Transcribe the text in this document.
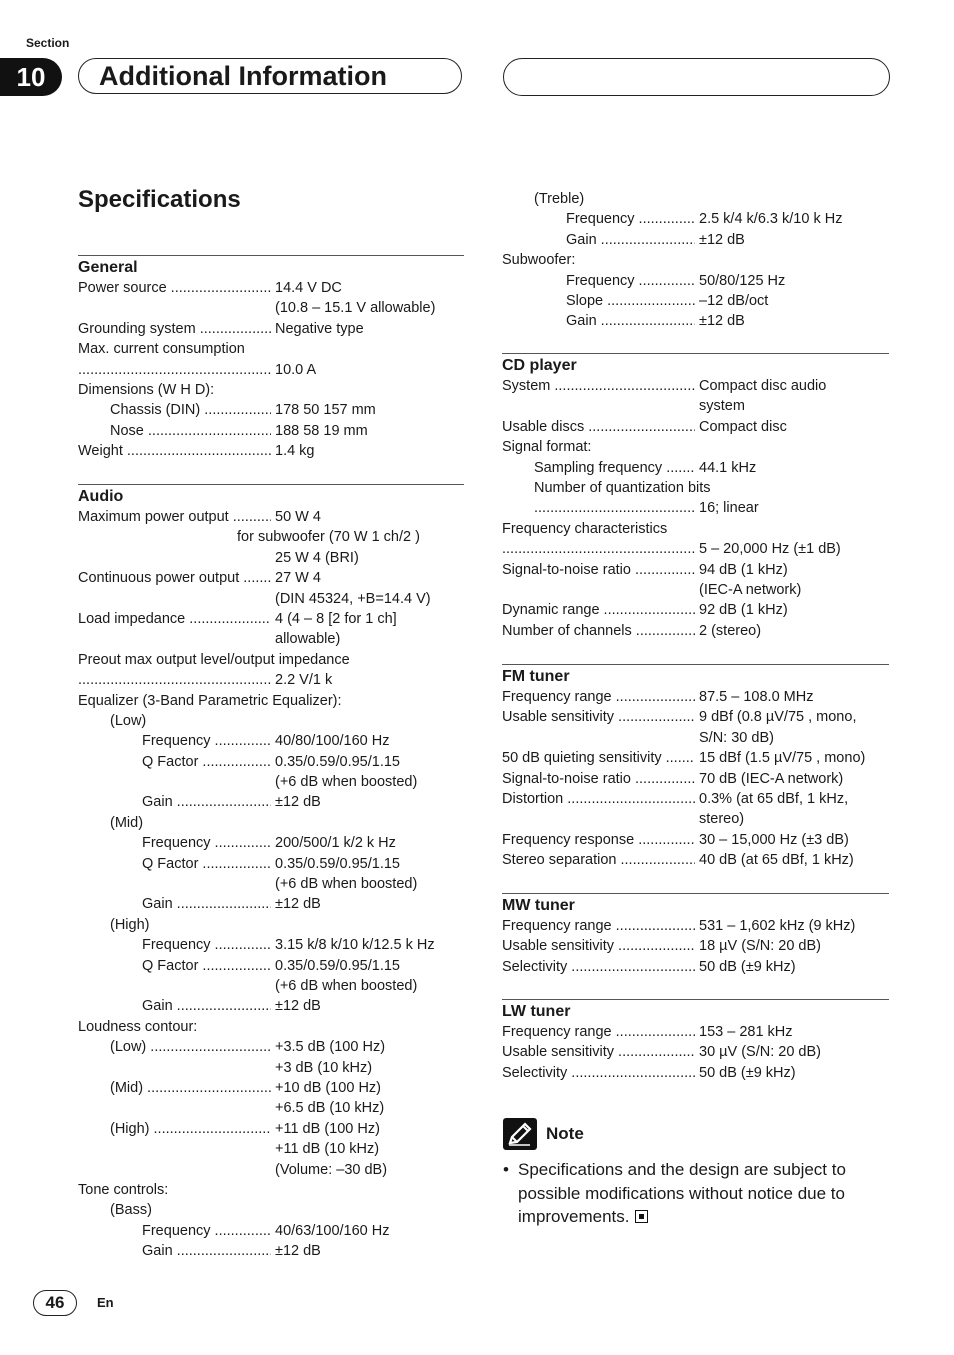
Section
10	Additional Information
Specifications
General
Power source .....	14.4 V DC
(10.8 – 15.1 V allowable)
Grounding system .....	Negative type
Max. current consumption
.....
10.0 A
Dimensions (W H D):
Chassis (DIN) .....	178 50 157 mm
Nose .....	188 58 19 mm
Weight .....	1.4 kg
Audio
Maximum power output .....	50 W 4
for subwoofer (70 W 1 ch/2 )
25 W 4 (BRI)
Continuous power output .....	27 W 4
(DIN 45324, +B=14.4 V)
Load impedance .....	4 (4 – 8 [2 for 1 ch]
allowable)
Preout max output level/output impedance
.....
2.2 V/1 k
Equalizer (3-Band Parametric Equalizer):
(Low)
Frequency .....	40/80/100/160 Hz
Q Factor .....	0.35/0.59/0.95/1.15
(+6 dB when boosted)
Gain .....	±12 dB
(Mid)
Frequency .....	200/500/1 k/2 k Hz
Q Factor .....	0.35/0.59/0.95/1.15
(+6 dB when boosted)
Gain .....	±12 dB
(High)
Frequency .....	3.15 k/8 k/10 k/12.5 k Hz
Q Factor .....	0.35/0.59/0.95/1.15
(+6 dB when boosted)
Gain .....	±12 dB
Loudness contour:
(Low) .....	+3.5 dB (100 Hz)
+3 dB (10 kHz)
(Mid) .....	+10 dB (100 Hz)
+6.5 dB (10 kHz)
(High) .....	+11 dB (100 Hz)
+11 dB (10 kHz)
(Volume: –30 dB)
Tone controls:
(Bass)
Frequency .....	40/63/100/160 Hz
Gain .....	±12 dB
(Treble)
Frequency .....	2.5 k/4 k/6.3 k/10 k Hz
Gain .....	±12 dB
Subwoofer:
Frequency .....	50/80/125 Hz
Slope .....	–12 dB/oct
Gain .....	±12 dB
CD player
System .....	Compact disc audio
system
Usable discs .....	Compact disc
Signal format:
Sampling frequency .....	44.1 kHz
Number of quantization bits
.....
16; linear
Frequency characteristics
.....
5 – 20,000 Hz (±1 dB)
Signal-to-noise ratio .....	94 dB (1 kHz)
(IEC-A network)
Dynamic range .....	92 dB (1 kHz)
Number of channels .....	2 (stereo)
FM tuner
Frequency range .....	87.5 – 108.0 MHz
Usable sensitivity .....	9 dBf (0.8 µV/75 , mono,
S/N: 30 dB)
50 dB quieting sensitivity .....	15 dBf (1.5 µV/75 , mono)
Signal-to-noise ratio .....	70 dB (IEC-A network)
Distortion .....	0.3% (at 65 dBf, 1 kHz,
stereo)
Frequency response .....	30 – 15,000 Hz (±3 dB)
Stereo separation .....	40 dB (at 65 dBf, 1 kHz)
MW tuner
Frequency range .....	531 – 1,602 kHz (9 kHz)
Usable sensitivity .....	18 µV (S/N: 20 dB)
Selectivity .....	50 dB (±9 kHz)
LW tuner
Frequency range .....	153 – 281 kHz
Usable sensitivity .....	30 µV (S/N: 20 dB)
Selectivity .....	50 dB (±9 kHz)
Note
• Specifications and the design are subject to possible modifications without notice due to improvements.
46	En
